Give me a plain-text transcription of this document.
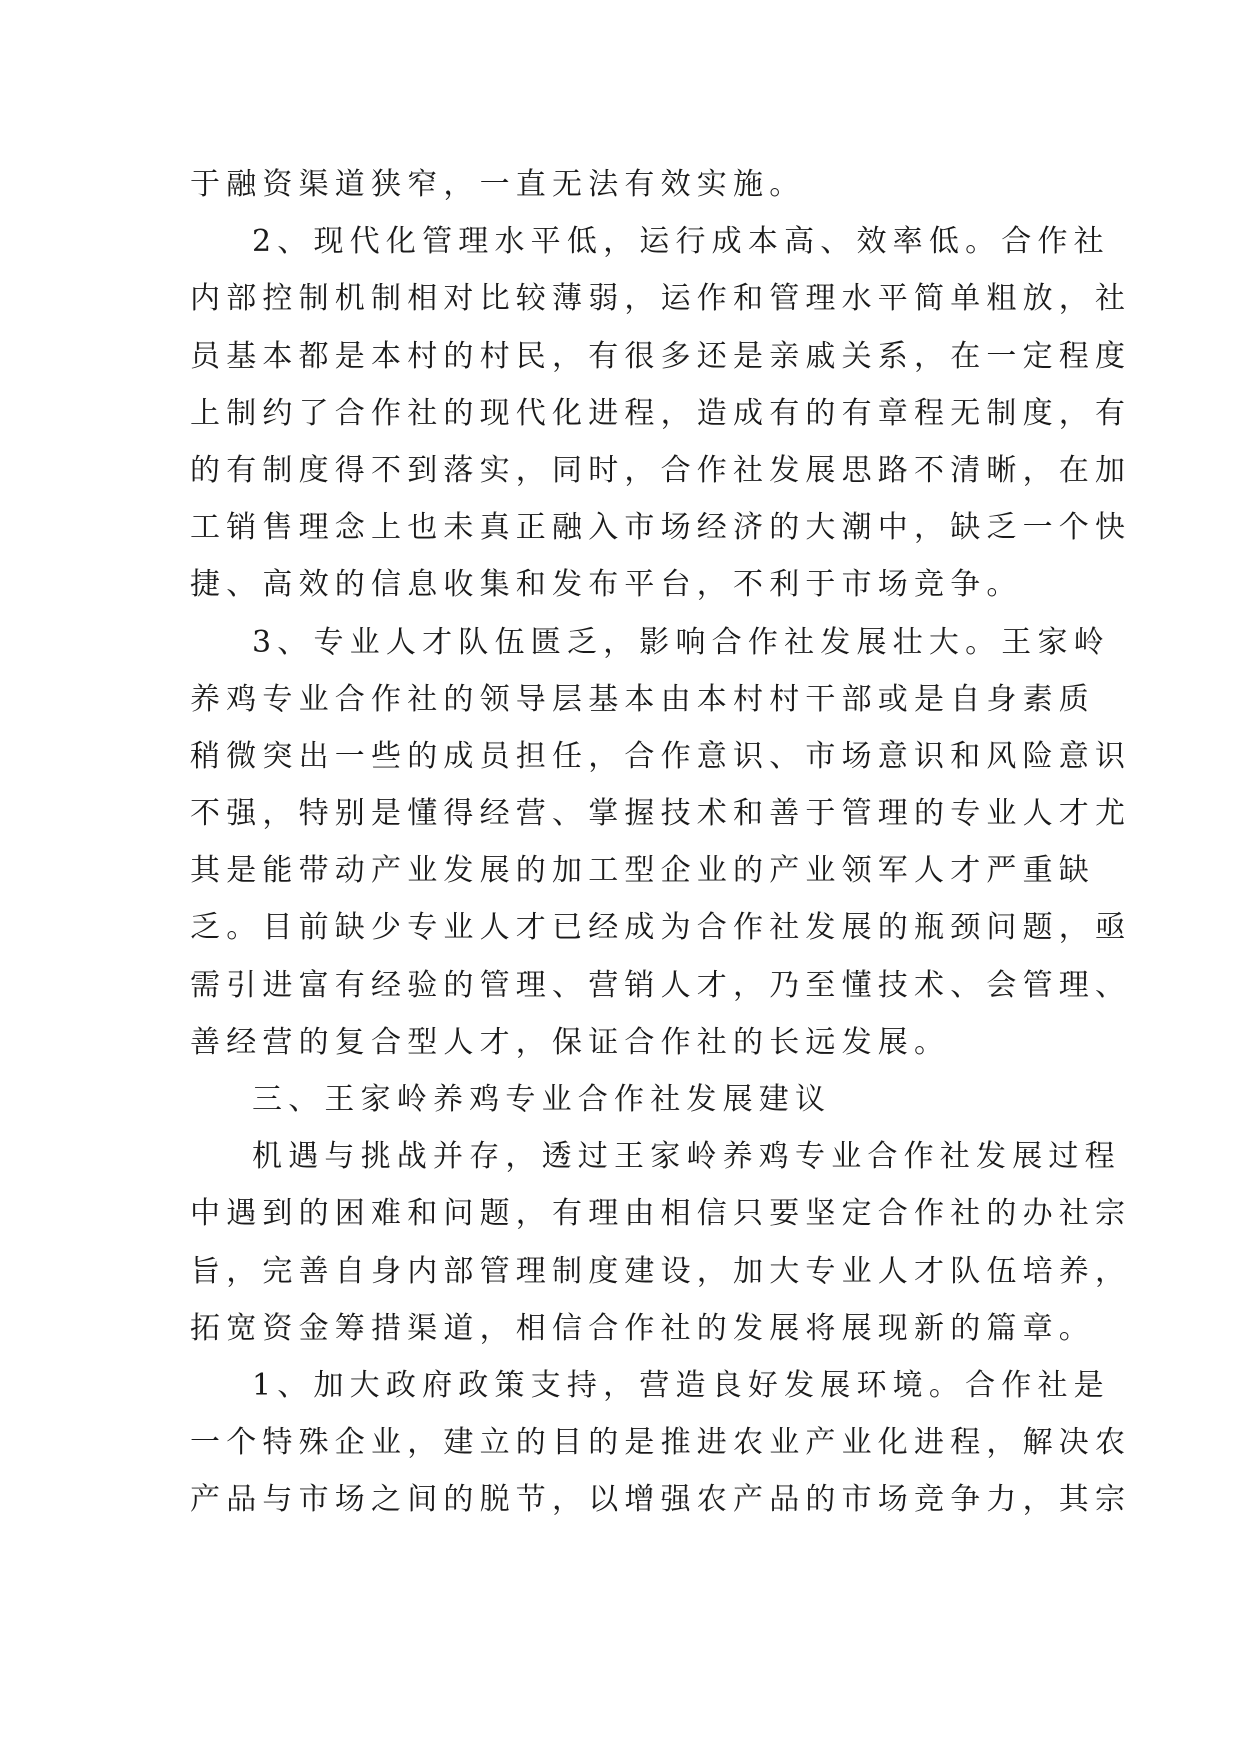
于融资渠道狭窄，一直无法有效实施。
2、现代化管理水平低，运行成本高、效率低。合作社
内部控制机制相对比较薄弱，运作和管理水平简单粗放，社
员基本都是本村的村民，有很多还是亲戚关系，在一定程度
上制约了合作社的现代化进程，造成有的有章程无制度，有
的有制度得不到落实，同时，合作社发展思路不清晰，在加
工销售理念上也未真正融入市场经济的大潮中，缺乏一个快
捷、高效的信息收集和发布平台，不利于市场竞争。
3、专业人才队伍匮乏，影响合作社发展壮大。王家岭
养鸡专业合作社的领导层基本由本村村干部或是自身素质
稍微突出一些的成员担任，合作意识、市场意识和风险意识
不强，特别是懂得经营、掌握技术和善于管理的专业人才尤
其是能带动产业发展的加工型企业的产业领军人才严重缺
乏。目前缺少专业人才已经成为合作社发展的瓶颈问题，亟
需引进富有经验的管理、营销人才，乃至懂技术、会管理、
善经营的复合型人才，保证合作社的长远发展。
三、王家岭养鸡专业合作社发展建议
机遇与挑战并存，透过王家岭养鸡专业合作社发展过程
中遇到的困难和问题，有理由相信只要坚定合作社的办社宗
旨，完善自身内部管理制度建设，加大专业人才队伍培养，
拓宽资金筹措渠道，相信合作社的发展将展现新的篇章。
1、加大政府政策支持，营造良好发展环境。合作社是
一个特殊企业，建立的目的是推进农业产业化进程，解决农
产品与市场之间的脱节，以增强农产品的市场竞争力，其宗
